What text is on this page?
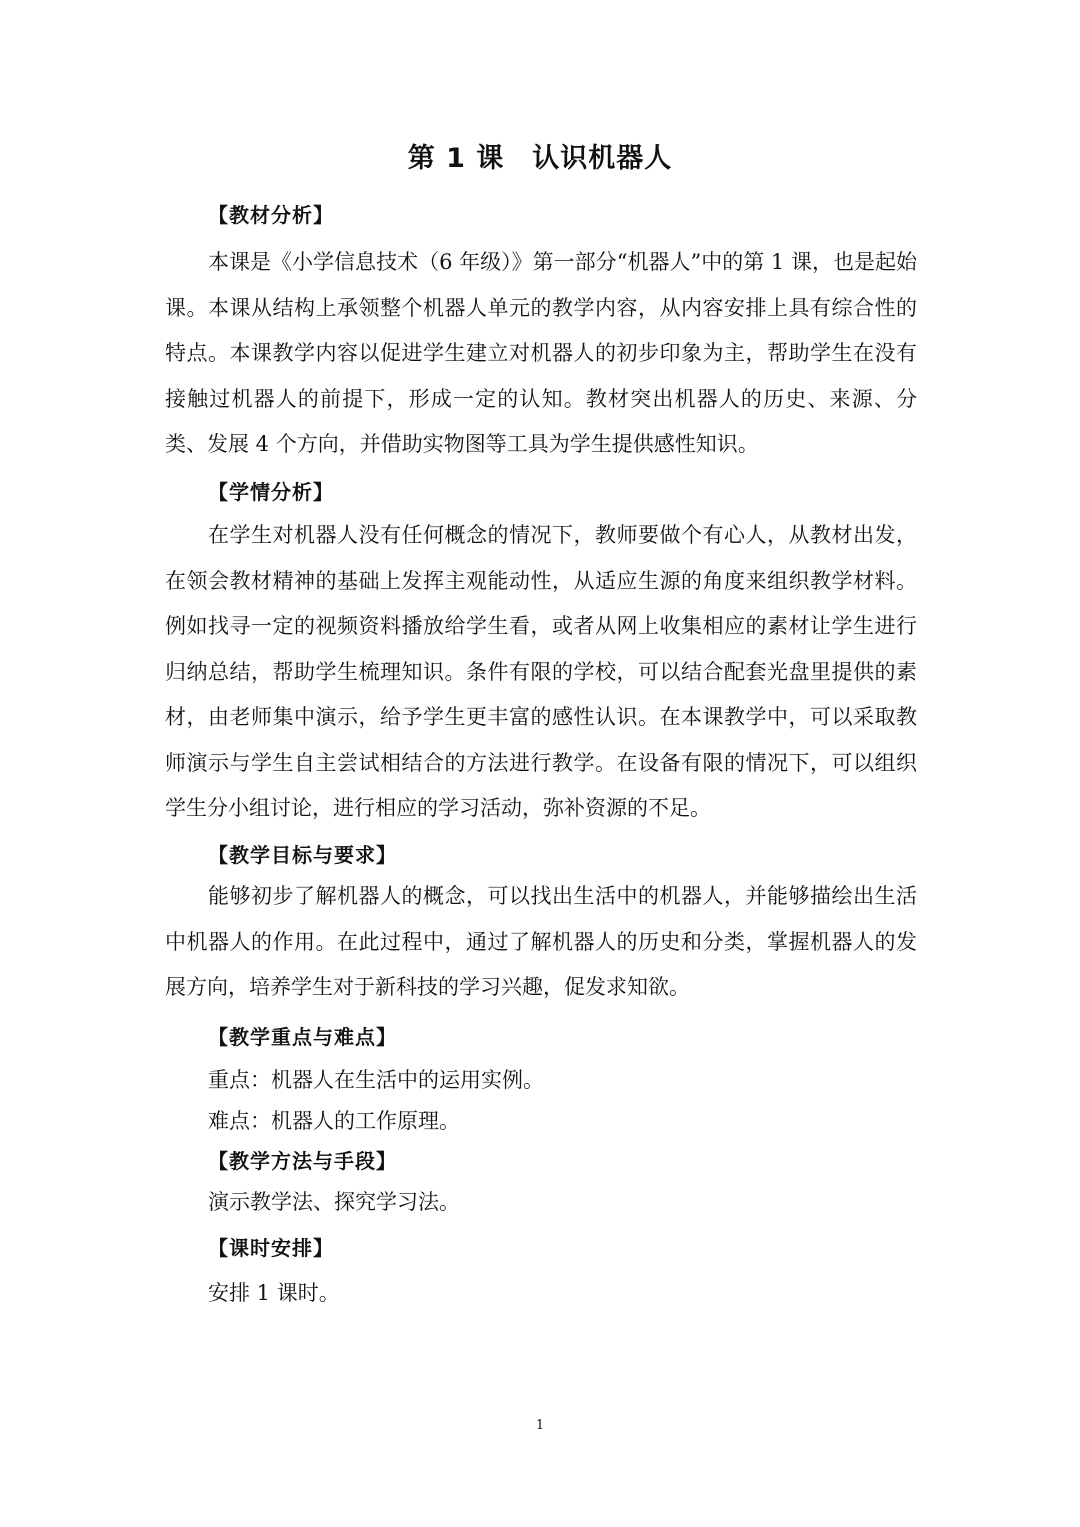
第 1 课　认识机器人
【教材分析】
本课是《小学信息技术（6 年级）》第一部分“机器人”中的第 1 课，也是起始课。本课从结构上承领整个机器人单元的教学内容，从内容安排上具有综合性的特点。本课教学内容以促进学生建立对机器人的初步印象为主，帮助学生在没有接触过机器人的前提下，形成一定的认知。教材突出机器人的历史、来源、分类、发展 4 个方向，并借助实物图等工具为学生提供感性知识。
【学情分析】
在学生对机器人没有任何概念的情况下，教师要做个有心人，从教材出发，在领会教材精神的基础上发挥主观能动性，从适应生源的角度来组织教学材料。例如找寻一定的视频资料播放给学生看，或者从网上收集相应的素材让学生进行归纳总结，帮助学生梳理知识。条件有限的学校，可以结合配套光盘里提供的素材，由老师集中演示，给予学生更丰富的感性认识。在本课教学中，可以采取教师演示与学生自主尝试相结合的方法进行教学。在设备有限的情况下，可以组织学生分小组讨论，进行相应的学习活动，弥补资源的不足。
【教学目标与要求】
能够初步了解机器人的概念，可以找出生活中的机器人，并能够描绘出生活中机器人的作用。在此过程中，通过了解机器人的历史和分类，掌握机器人的发展方向，培养学生对于新科技的学习兴趣，促发求知欲。
【教学重点与难点】
重点：机器人在生活中的运用实例。
难点：机器人的工作原理。
【教学方法与手段】
演示教学法、探究学习法。
【课时安排】
安排 1 课时。
1
